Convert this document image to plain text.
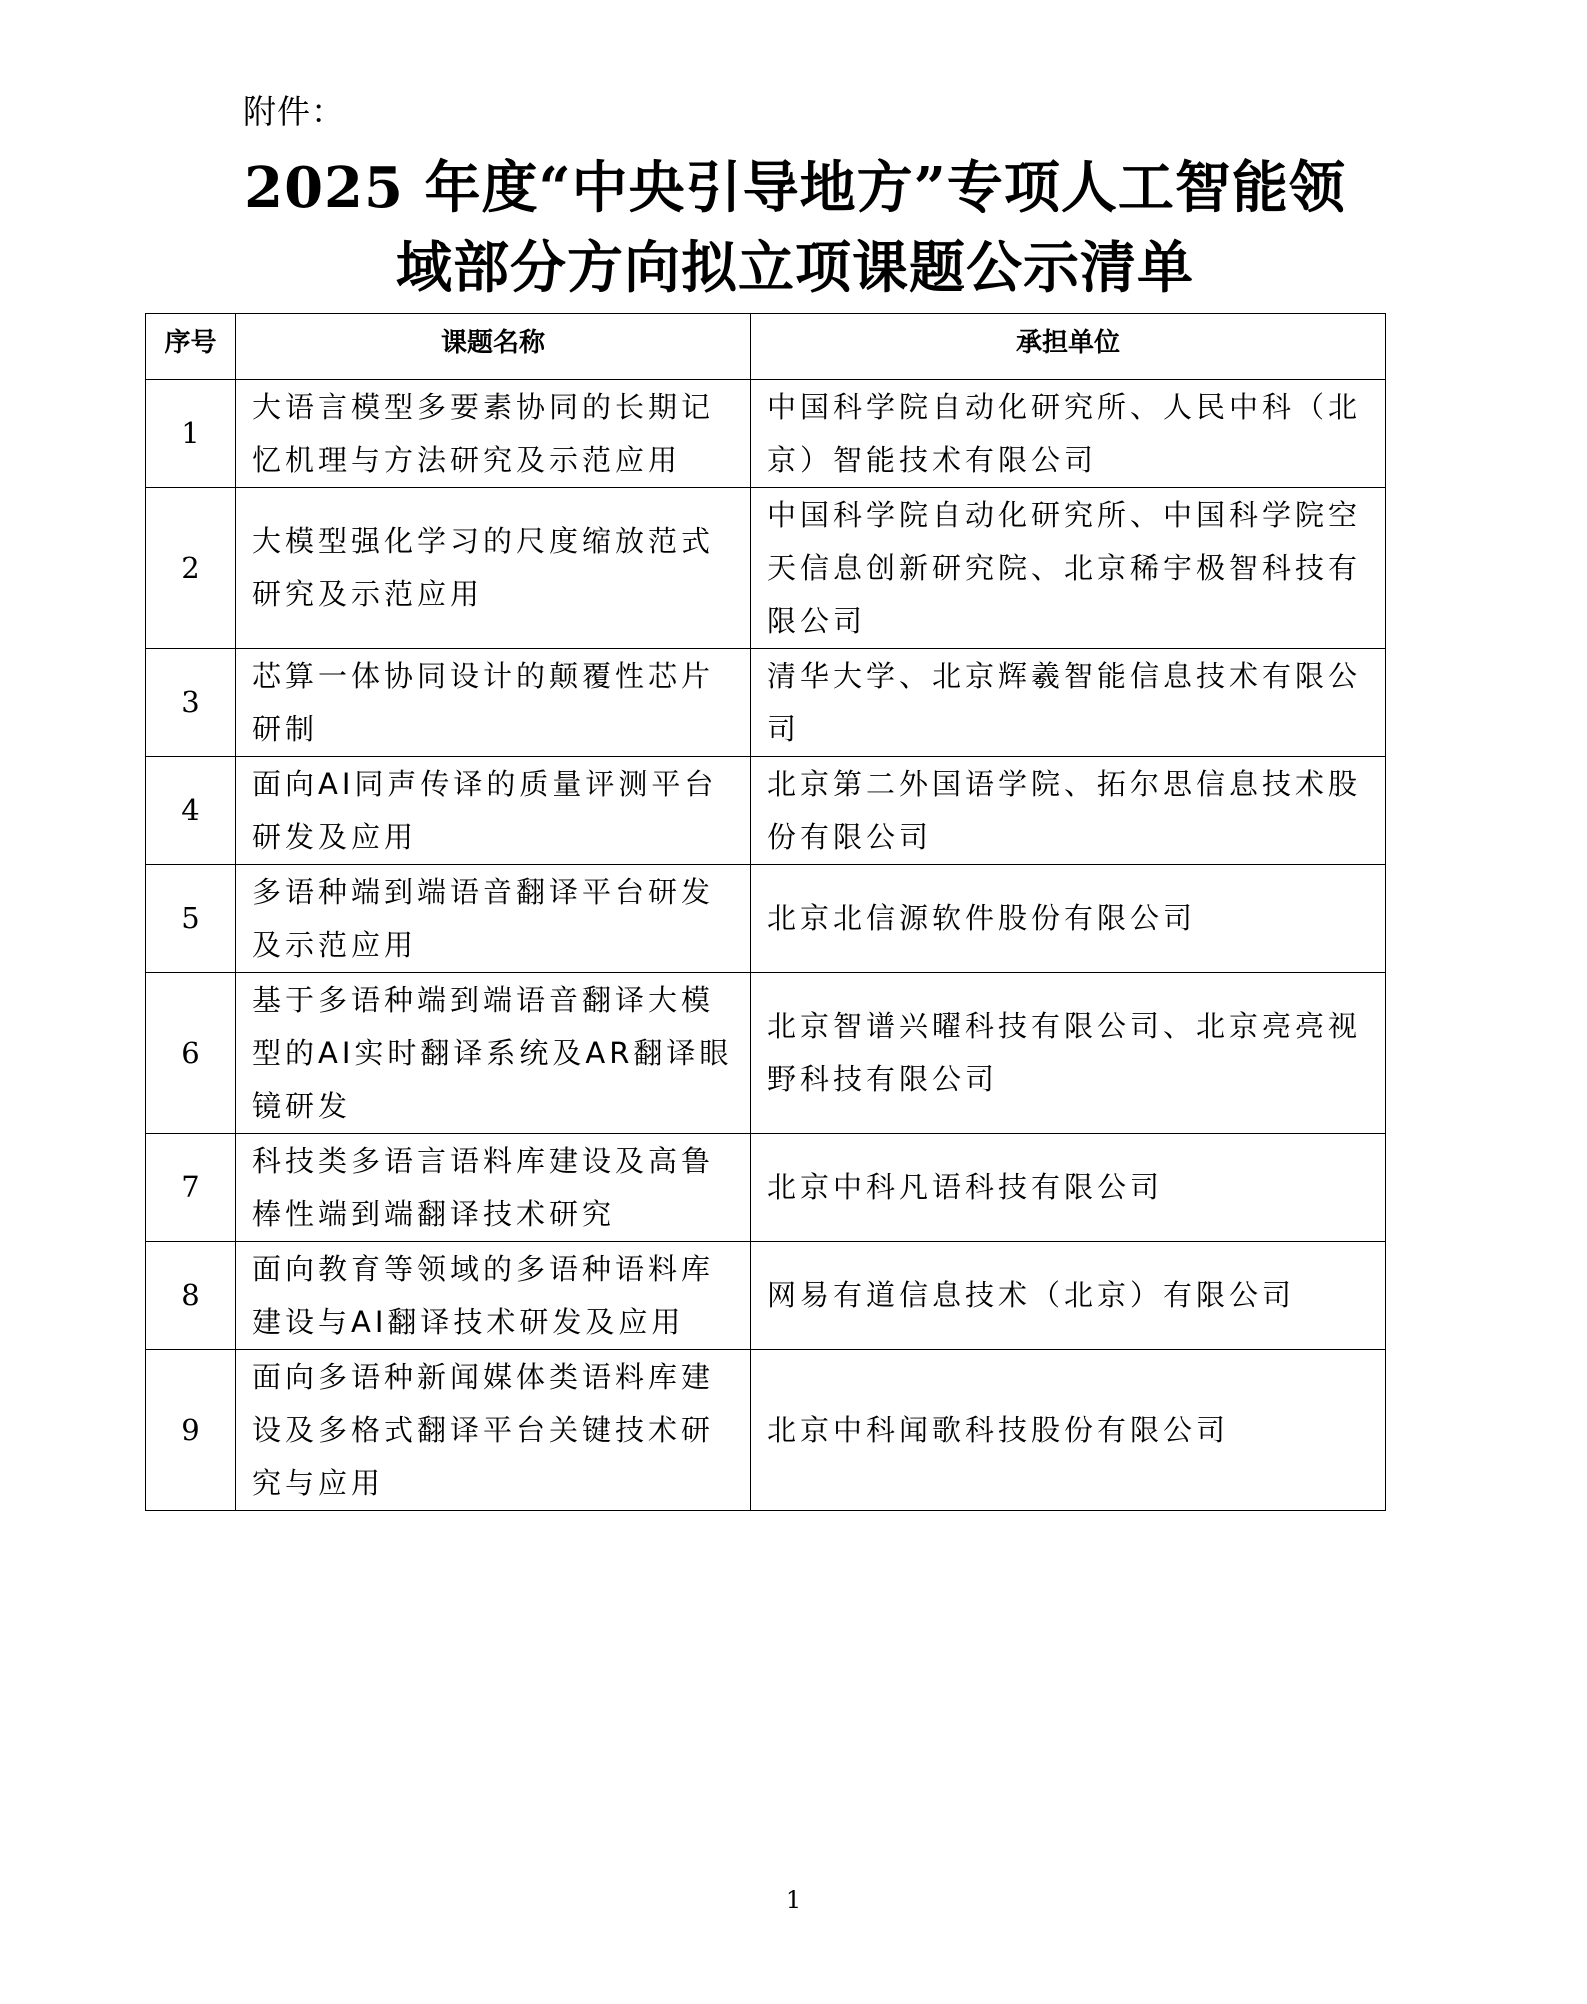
附件：
2025 年度“中央引导地方”专项人工智能领
域部分方向拟立项课题公示清单
序号	课题名称	承担单位
1	大语言模型多要素协同的长期记忆机理与方法研究及示范应用	中国科学院自动化研究所、人民中科（北京）智能技术有限公司
2	大模型强化学习的尺度缩放范式研究及示范应用	中国科学院自动化研究所、中国科学院空天信息创新研究院、北京稀宇极智科技有限公司
3	芯算一体协同设计的颠覆性芯片研制	清华大学、北京辉羲智能信息技术有限公司
4	面向AI同声传译的质量评测平台研发及应用	北京第二外国语学院、拓尔思信息技术股份有限公司
5	多语种端到端语音翻译平台研发及示范应用	北京北信源软件股份有限公司
6	基于多语种端到端语音翻译大模型的AI实时翻译系统及AR翻译眼镜研发	北京智谱兴曜科技有限公司、北京亮亮视野科技有限公司
7	科技类多语言语料库建设及高鲁棒性端到端翻译技术研究	北京中科凡语科技有限公司
8	面向教育等领域的多语种语料库建设与AI翻译技术研发及应用	网易有道信息技术（北京）有限公司
9	面向多语种新闻媒体类语料库建设及多格式翻译平台关键技术研究与应用	北京中科闻歌科技股份有限公司
1
